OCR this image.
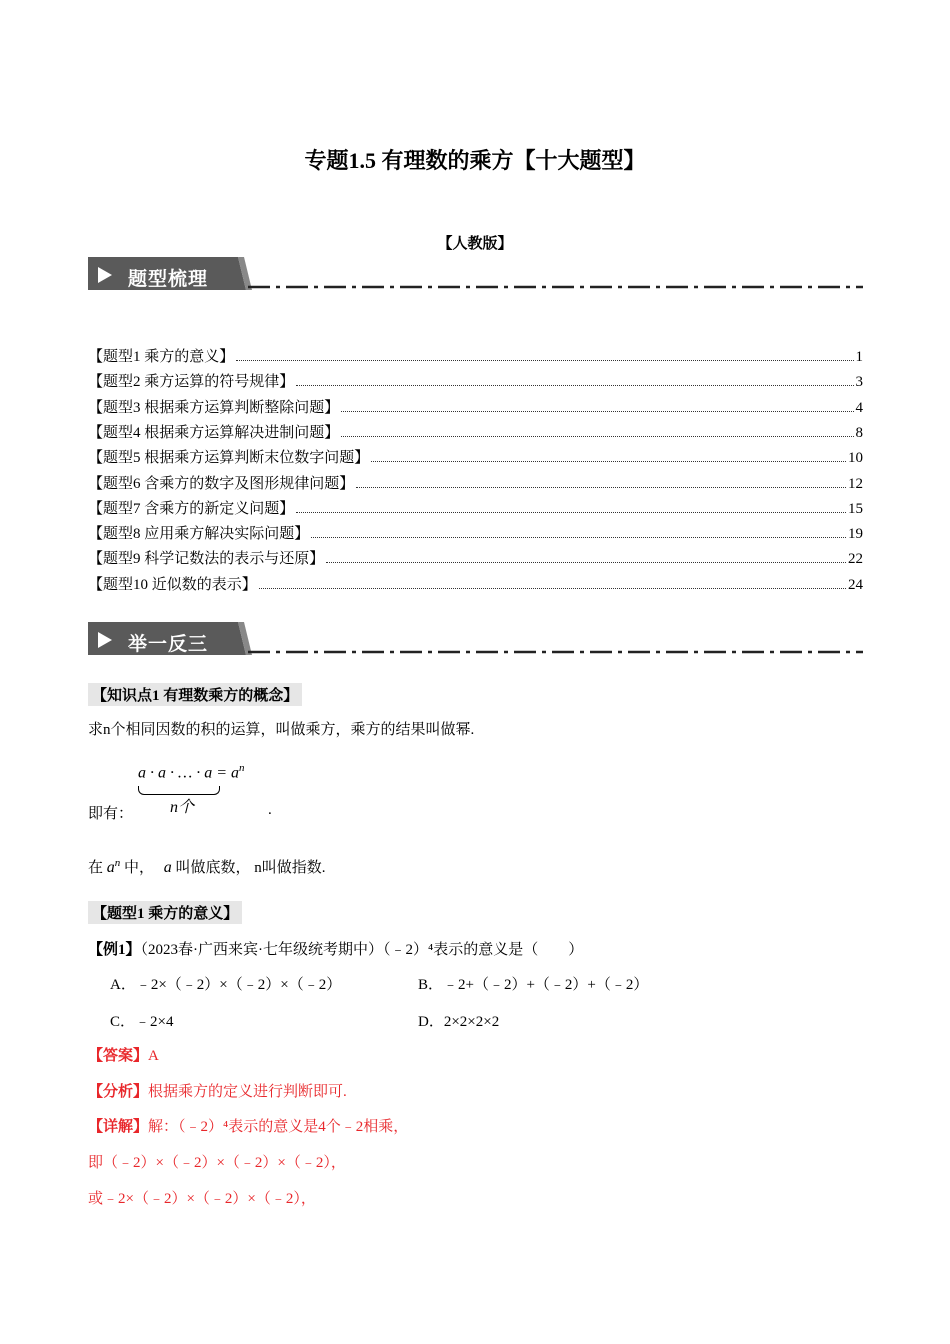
专题1.5 有理数的乘方【十大题型】
【人教版】
题型梳理
【题型1 乘方的意义】	1
【题型2 乘方运算的符号规律】	3
【题型3 根据乘方运算判断整除问题】	4
【题型4 根据乘方运算解决进制问题】	8
【题型5 根据乘方运算判断末位数字问题】	10
【题型6 含乘方的数字及图形规律问题】	12
【题型7 含乘方的新定义问题】	15
【题型8 应用乘方解决实际问题】	19
【题型9 科学记数法的表示与还原】	22
【题型10 近似数的表示】	24
举一反三
【知识点1 有理数乘方的概念】
求n个相同因数的积的运算，叫做乘方，乘方的结果叫做幂.
即有：
a · a · … · $a = a^n$
n个	.
在 $a^n$ 中， a 叫做底数， n叫做指数.
【题型1 乘方的意义】
【例1】（2023春·广西来宾·七年级统考期中）（﹣2）⁴表示的意义是（　　）
A．﹣2×（﹣2）×（﹣2）×（﹣2）	B．﹣2+（﹣2）+（﹣2）+（﹣2）
C．﹣2×4	D．2×2×2×2
【答案】A
【分析】根据乘方的定义进行判断即可.
【详解】解：（﹣2）⁴表示的意义是4个﹣2相乘，
即（﹣2）×（﹣2）×（﹣2）×（﹣2），
或﹣2×（﹣2）×（﹣2）×（﹣2），
